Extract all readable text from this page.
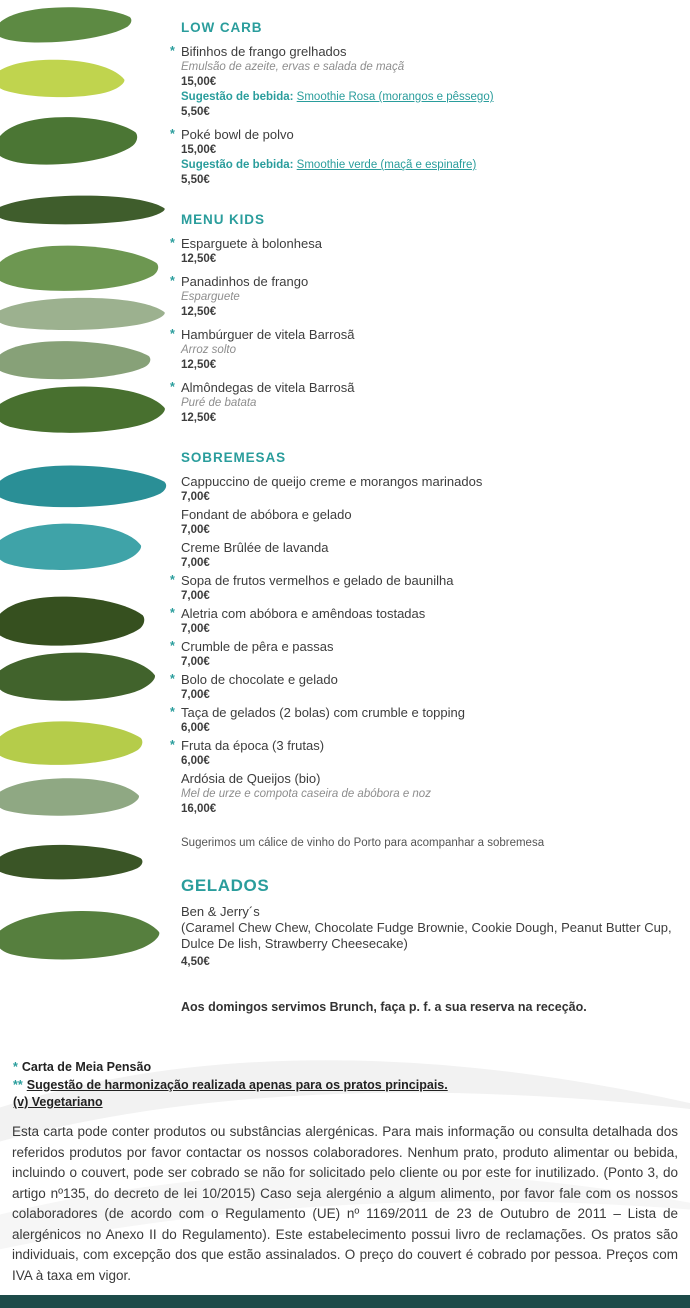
LOW CARB
* Bifinhos de frango grelhados
Emulsão de azeite, ervas e salada de maçã
15,00€
Sugestão de bebida: Smoothie Rosa (morangos e pêssego)
5,50€
* Poké bowl de polvo
15,00€
Sugestão de bebida: Smoothie verde (maçã e espinafre)
5,50€
MENU KIDS
* Esparguete à bolonhesa
12,50€
* Panadinhos de frango
Esparguete
12,50€
* Hambúrguer de vitela Barrosã
Arroz solto
12,50€
* Almôndegas de vitela Barrosã
Puré de batata
12,50€
SOBREMESAS
Cappuccino de queijo creme e morangos marinados
7,00€
Fondant de abóbora e gelado
7,00€
Creme Brûlée de lavanda
7,00€
* Sopa de frutos vermelhos e gelado de baunilha
7,00€
* Aletria com abóbora e amêndoas tostadas
7,00€
* Crumble de pêra e passas
7,00€
* Bolo de chocolate e gelado
7,00€
* Taça de gelados (2 bolas) com crumble e topping
6,00€
* Fruta da época (3 frutas)
6,00€
Ardósia de Queijos (bio)
Mel de urze e compota caseira de abóbora e noz
16,00€
Sugerimos um cálice de vinho do Porto para acompanhar a sobremesa
GELADOS
Ben & Jerry´s
(Caramel Chew Chew, Chocolate Fudge Brownie, Cookie Dough, Peanut Butter Cup, Dulce De lish, Strawberry Cheesecake)
4,50€
Aos domingos servimos Brunch, faça p. f. a sua reserva na receção.
* Carta de Meia Pensão
** Sugestão de harmonização realizada apenas para os pratos principais.
(v) Vegetariano
Esta carta pode conter produtos ou substâncias alergénicas. Para mais informação ou consulta detalhada dos referidos produtos por favor contactar os nossos colaboradores. Nenhum prato, produto alimentar ou bebida, incluindo o couvert, pode ser cobrado se não for solicitado pelo cliente ou por este for inutilizado. (Ponto 3, do artigo nº135, do decreto de lei 10/2015) Caso seja alergénio a algum alimento, por favor fale com os nossos colaboradores (de acordo com o Regulamento (UE) nº 1169/2011 de 23 de Outubro de 2011 – Lista de alergénicos no Anexo II do Regulamento). Este estabelecimento possui livro de reclamações. Os pratos são individuais, com excepção dos que estão assinalados. O preço do couvert é cobrado por pessoa. Preços com IVA à taxa em vigor.
